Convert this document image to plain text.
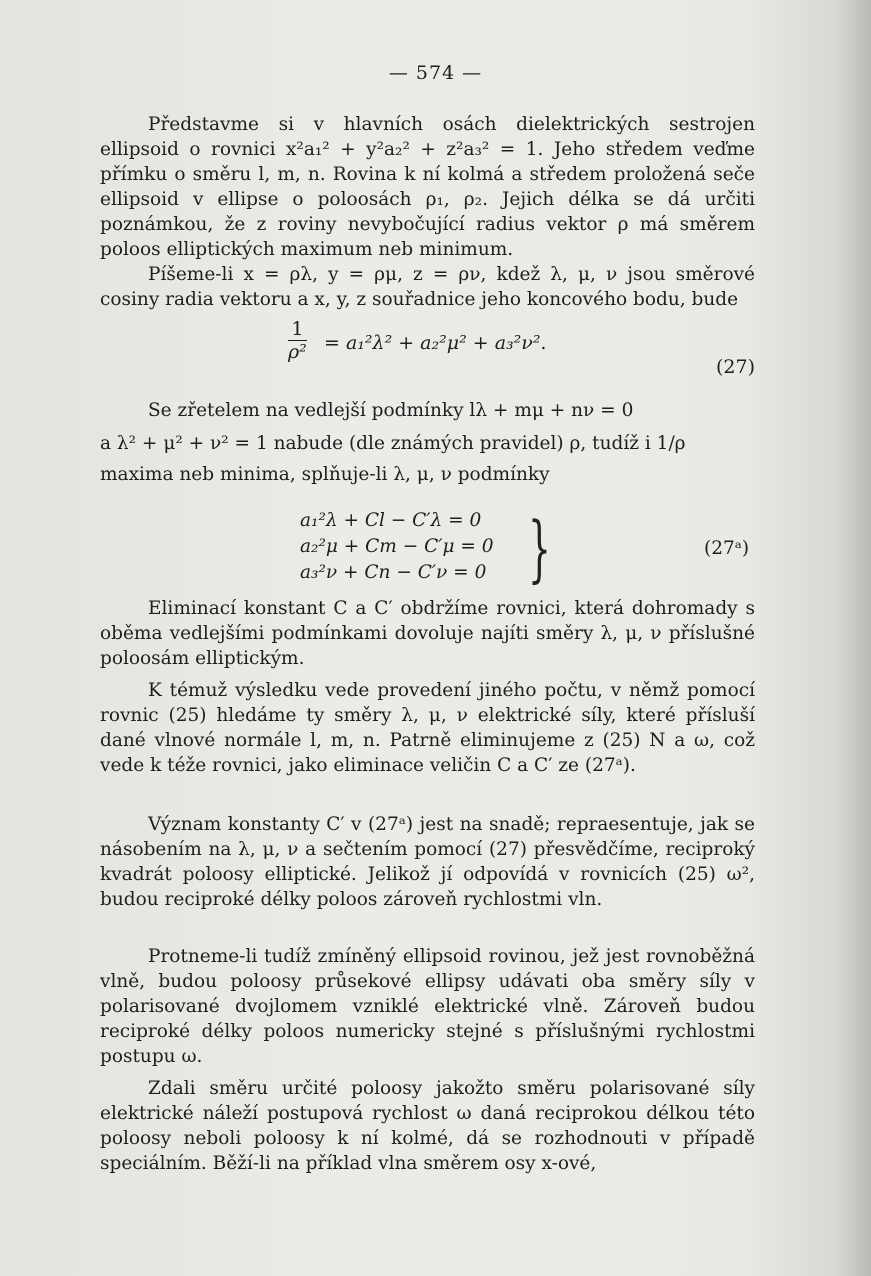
— 574 —

Představme si v hlavních osách dielektrických sestrojen ellipsoid o rovnici x²a₁² + y²a₂² + z²a₃² = 1. Jeho středem veďme přímku o směru l, m, n. Rovina k ní kolmá a středem proložená seče ellipsoid v ellipse o poloosách ρ₁, ρ₂. Jejich délka se dá určiti poznámkou, že z roviny nevybočující radius vektor ρ má směrem poloos elliptických maximum neb minimum.

Píšeme-li x = ρλ, y = ρμ, z = ρν, kdež λ, μ, ν jsou směrové cosiny radia vektoru a x, y, z souřadnice jeho koncového bodu, bude

$\frac{1}{\text{ρ²}} = a_1^2\lambda^2 + a_2^2\mu^2 + a_3^2\nu^2$.
(27)

Se zřetelem na vedlejší podmínky lλ + mμ + nν = 0

a λ² + μ² + ν² = 1 nabude (dle známých pravidel) ρ, tudíž i 1/ρ

maxima neb minima, splňuje-li λ, μ, ν podmínky

a₁²λ + Cl − C′λ = 0
a₂²μ + Cm − C′μ = 0
a₃²ν + Cn − C′ν = 0 }	(27ᵃ)

Eliminací konstant C a C′ obdržíme rovnici, která dohromady s oběma vedlejšími podmínkami dovoluje najíti směry λ, μ, ν příslušné poloosám elliptickým.

K témuž výsledku vede provedení jiného počtu, v němž pomocí rovnic (25) hledáme ty směry λ, μ, ν elektrické síly, které přísluší dané vlnové normále l, m, n. Patrně eliminujeme z (25) N a ω, což vede k téže rovnici, jako eliminace veličin C a C′ ze (27ᵃ).

Význam konstanty C′ v (27ᵃ) jest na snadě; repraesentuje, jak se násobením na λ, μ, ν a sečtením pomocí (27) přesvědčíme, reciproký kvadrát poloosy elliptické. Jelikož jí odpovídá v rovnicích (25) ω², budou reciproké délky poloos zároveň rychlostmi vln.

Protneme-li tudíž zmíněný ellipsoid rovinou, jež jest rovnoběžná vlně, budou poloosy průsekové ellipsy udávati oba směry síly v polarisované dvojlomem vzniklé elektrické vlně. Zároveň budou reciproké délky poloos numericky stejné s příslušnými rychlostmi postupu ω.

Zdali směru určité poloosy jakožto směru polarisované síly elektrické náleží postupová rychlost ω daná reciprokou délkou této poloosy neboli poloosy k ní kolmé, dá se rozhodnouti v případě speciálním. Běží-li na příklad vlna směrem osy x-ové,
